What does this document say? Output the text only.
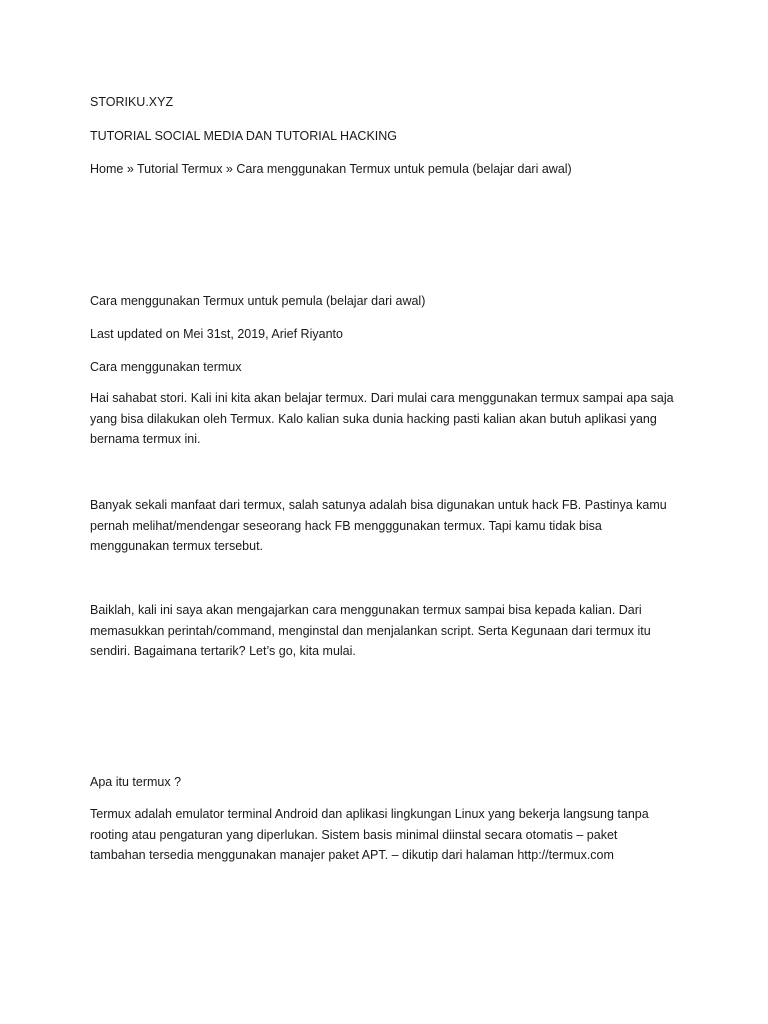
STORIKU.XYZ
TUTORIAL SOCIAL MEDIA DAN TUTORIAL HACKING
Home » Tutorial Termux » Cara menggunakan Termux untuk pemula (belajar dari awal)
Cara menggunakan Termux untuk pemula (belajar dari awal)
Last updated on Mei 31st, 2019, Arief Riyanto
Cara menggunakan termux
Hai sahabat stori. Kali ini kita akan belajar termux. Dari mulai cara menggunakan termux sampai apa saja
yang bisa dilakukan oleh Termux. Kalo kalian suka dunia hacking pasti kalian akan butuh aplikasi yang
bernama termux ini.
Banyak sekali manfaat dari termux, salah satunya adalah bisa digunakan untuk hack FB. Pastinya kamu
pernah melihat/mendengar seseorang hack FB mengggunakan termux. Tapi kamu tidak bisa
menggunakan termux tersebut.
Baiklah, kali ini saya akan mengajarkan cara menggunakan termux sampai bisa kepada kalian. Dari
memasukkan perintah/command, menginstal dan menjalankan script. Serta Kegunaan dari termux itu
sendiri. Bagaimana tertarik? Let’s go, kita mulai.
Apa itu termux ?
Termux adalah emulator terminal Android dan aplikasi lingkungan Linux yang bekerja langsung tanpa
rooting atau pengaturan yang diperlukan. Sistem basis minimal diinstal secara otomatis – paket
tambahan tersedia menggunakan manajer paket APT. – dikutip dari halaman http://termux.com
